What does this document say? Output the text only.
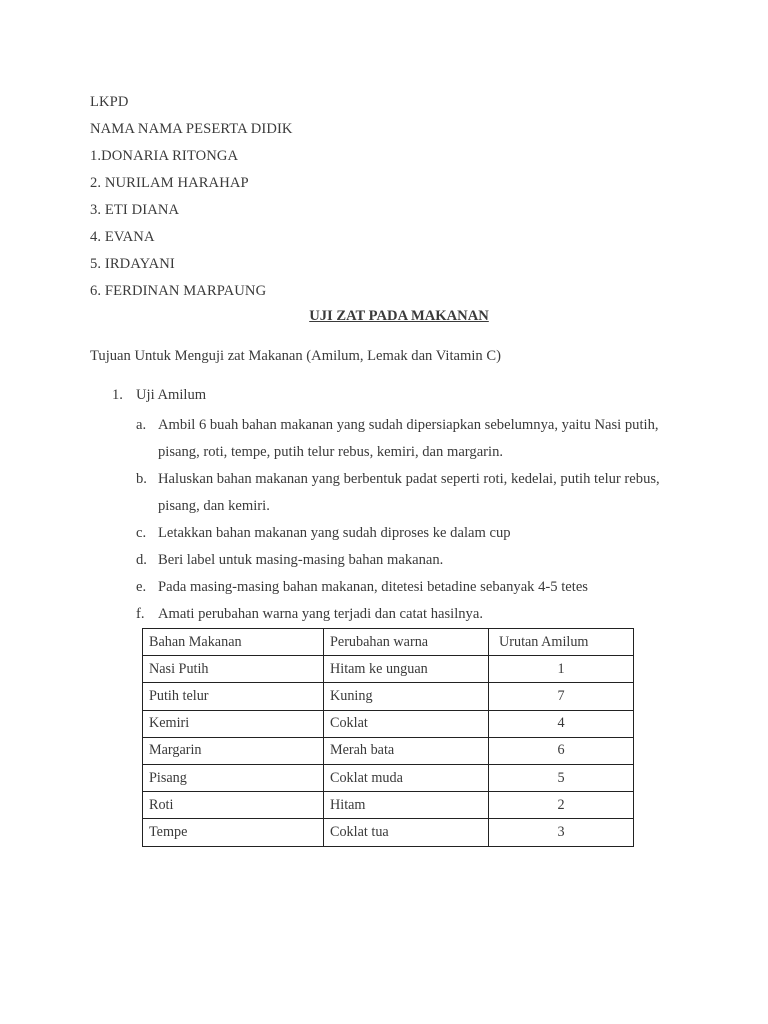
LKPD
NAMA NAMA PESERTA DIDIK
1.DONARIA RITONGA
2. NURILAM HARAHAP
3. ETI DIANA
4. EVANA
5. IRDAYANI
6. FERDINAN MARPAUNG
UJI ZAT PADA MAKANAN
Tujuan Untuk Menguji zat Makanan (Amilum, Lemak dan Vitamin C)
1. Uji Amilum
a. Ambil 6 buah bahan makanan yang sudah dipersiapkan sebelumnya, yaitu Nasi putih, pisang, roti, tempe, putih telur rebus, kemiri, dan margarin.
b. Haluskan bahan makanan yang berbentuk padat seperti roti, kedelai, putih telur rebus, pisang, dan kemiri.
c. Letakkan bahan makanan yang sudah diproses ke dalam cup
d. Beri label untuk masing-masing bahan makanan.
e. Pada masing-masing bahan makanan, ditetesi betadine sebanyak 4-5 tetes
f. Amati perubahan warna yang terjadi dan catat hasilnya.
Bahan Makanan	Perubahan warna	Urutan Amilum
Nasi Putih	Hitam ke unguan	1
Putih telur	Kuning	7
Kemiri	Coklat	4
Margarin	Merah bata	6
Pisang	Coklat muda	5
Roti	Hitam	2
Tempe	Coklat tua	3
